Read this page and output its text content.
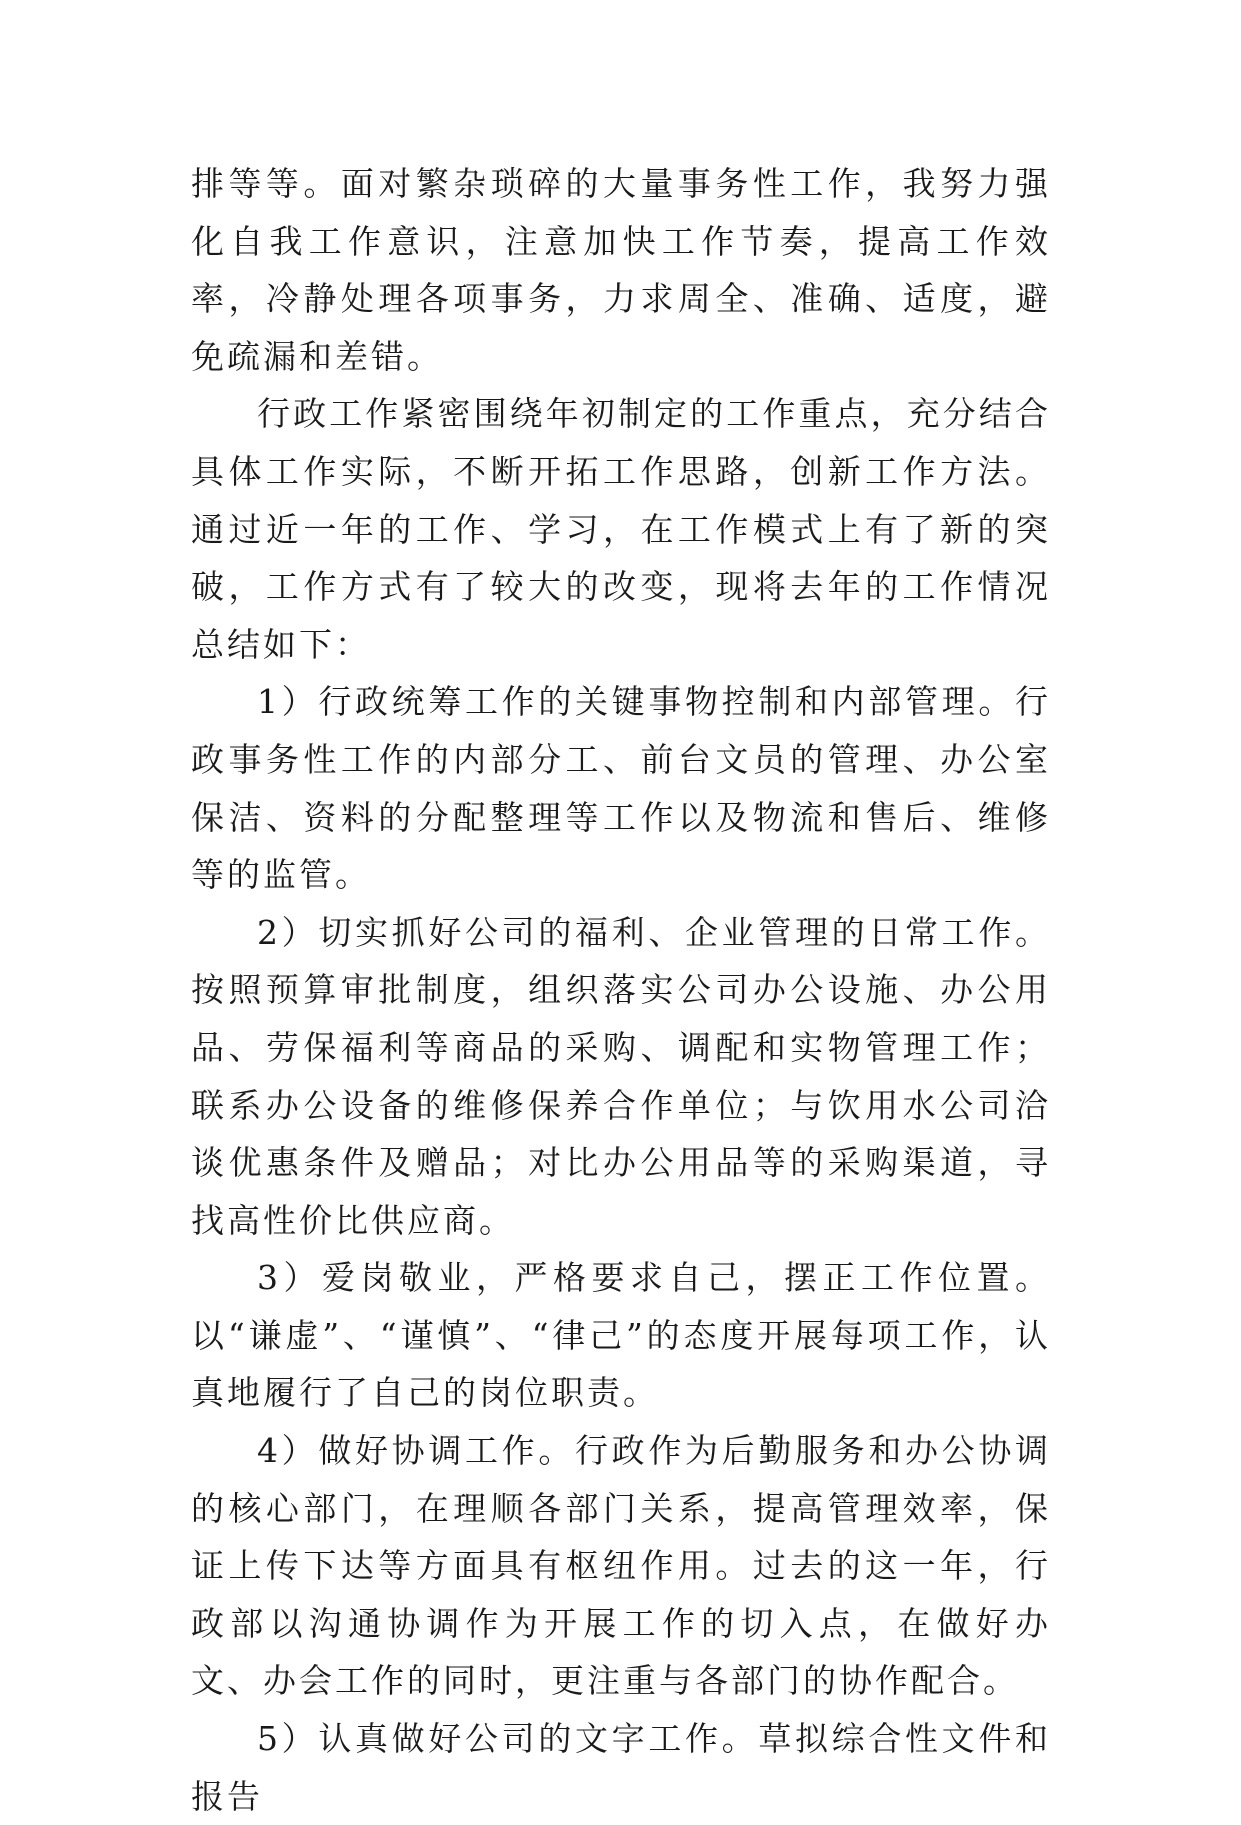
排等等。面对繁杂琐碎的大量事务性工作，我努力强化自我工作意识，注意加快工作节奏，提高工作效率，冷静处理各项事务，力求周全、准确、适度，避免疏漏和差错。

行政工作紧密围绕年初制定的工作重点，充分结合具体工作实际，不断开拓工作思路，创新工作方法。通过近一年的工作、学习，在工作模式上有了新的突破，工作方式有了较大的改变，现将去年的工作情况总结如下：

1）行政统筹工作的关键事物控制和内部管理。行政事务性工作的内部分工、前台文员的管理、办公室保洁、资料的分配整理等工作以及物流和售后、维修等的监管。

2）切实抓好公司的福利、企业管理的日常工作。按照预算审批制度，组织落实公司办公设施、办公用品、劳保福利等商品的采购、调配和实物管理工作；联系办公设备的维修保养合作单位；与饮用水公司洽谈优惠条件及赠品；对比办公用品等的采购渠道，寻找高性价比供应商。

3）爱岗敬业，严格要求自己，摆正工作位置。以“谦虚”、“谨慎”、“律己”的态度开展每项工作，认真地履行了自己的岗位职责。

4）做好协调工作。行政作为后勤服务和办公协调的核心部门，在理顺各部门关系，提高管理效率，保证上传下达等方面具有枢纽作用。过去的这一年，行政部以沟通协调作为开展工作的切入点，在做好办文、办会工作的同时，更注重与各部门的协作配合。

5）认真做好公司的文字工作。草拟综合性文件和报告
